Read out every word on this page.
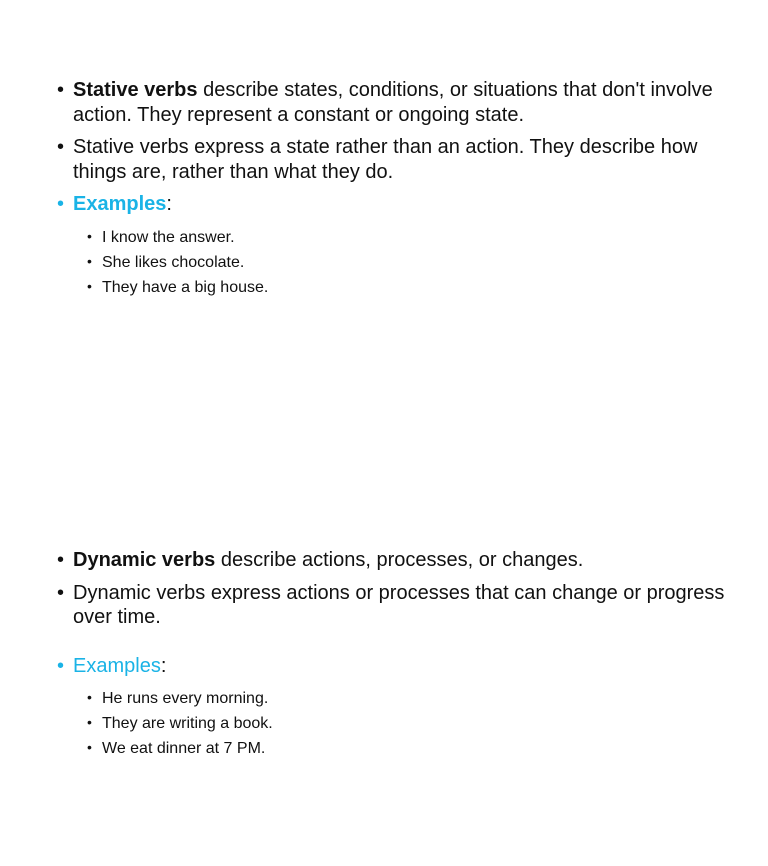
• Stative verbs describe states, conditions, or situations that don't involve action. They represent a constant or ongoing state.
• Stative verbs express a state rather than an action. They describe how things are, rather than what they do.
• Examples:
• I know the answer.
• She likes chocolate.
• They have a big house.
• Dynamic verbs describe actions, processes, or changes.
• Dynamic verbs express actions or processes that can change or progress over time.
• Examples:
• He runs every morning.
• They are writing a book.
• We eat dinner at 7 PM.
